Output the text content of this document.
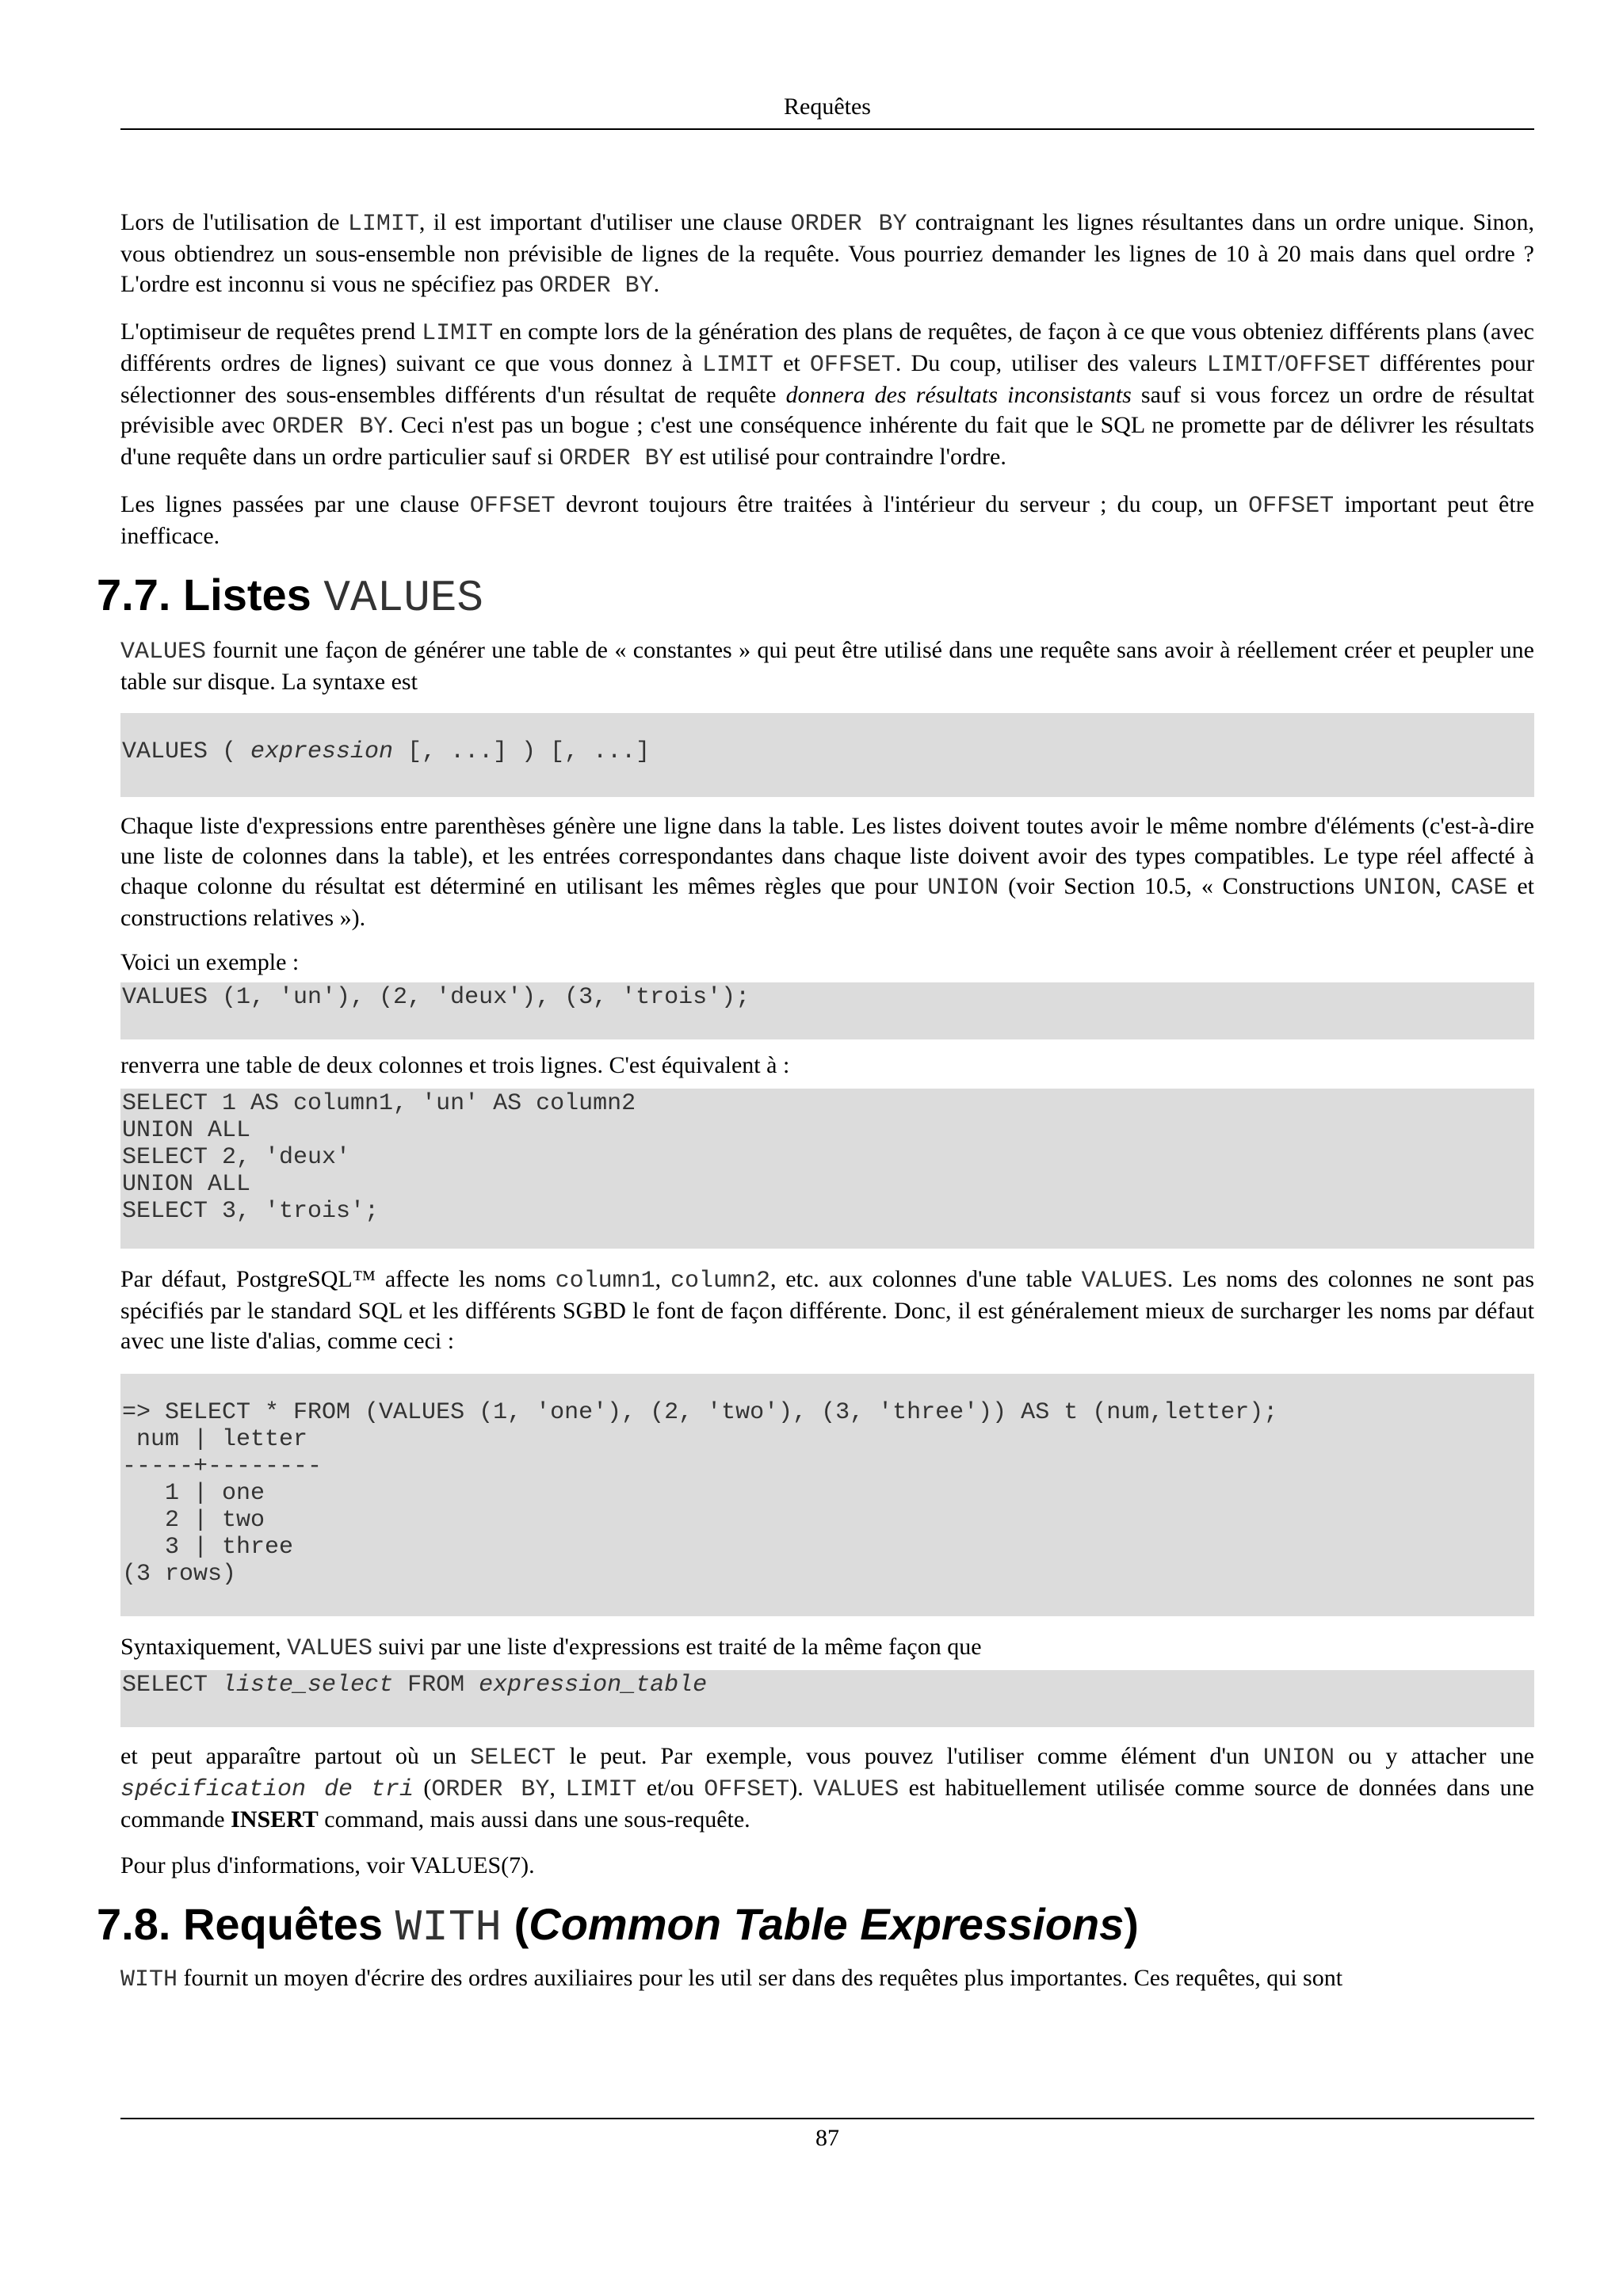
Requêtes

Lors de l'utilisation de LIMIT, il est important d'utiliser une clause ORDER BY contraignant les lignes résultantes dans un ordre unique. Sinon, vous obtiendrez un sous-ensemble non prévisible de lignes de la requête. Vous pourriez demander les lignes de 10 à 20 mais dans quel ordre ? L'ordre est inconnu si vous ne spécifiez pas ORDER BY.

L'optimiseur de requêtes prend LIMIT en compte lors de la génération des plans de requêtes, de façon à ce que vous obteniez différents plans (avec différents ordres de lignes) suivant ce que vous donnez à LIMIT et OFFSET. Du coup, utiliser des valeurs LIMIT/OFFSET différentes pour sélectionner des sous-ensembles différents d'un résultat de requête donnera des résultats inconsistants sauf si vous forcez un ordre de résultat prévisible avec ORDER BY. Ceci n'est pas un bogue ; c'est une conséquence inhérente du fait que le SQL ne promette par de délivrer les résultats d'une requête dans un ordre particulier sauf si ORDER BY est utilisé pour contraindre l'ordre.

Les lignes passées par une clause OFFSET devront toujours être traitées à l'intérieur du serveur ; du coup, un OFFSET important peut être inefficace.

7.7. Listes VALUES

VALUES fournit une façon de générer une table de « constantes » qui peut être utilisé dans une requête sans avoir à réellement créer et peupler une table sur disque. La syntaxe est

VALUES ( expression [, ...] ) [, ...]

Chaque liste d'expressions entre parenthèses génère une ligne dans la table. Les listes doivent toutes avoir le même nombre d'éléments (c'est-à-dire une liste de colonnes dans la table), et les entrées correspondantes dans chaque liste doivent avoir des types compatibles. Le type réel affecté à chaque colonne du résultat est déterminé en utilisant les mêmes règles que pour UNION (voir Section 10.5, « Constructions UNION, CASE et constructions relatives »).

Voici un exemple :

VALUES (1, 'un'), (2, 'deux'), (3, 'trois');

renverra une table de deux colonnes et trois lignes. C'est équivalent à :

SELECT 1 AS column1, 'un' AS column2
UNION ALL
SELECT 2, 'deux'
UNION ALL
SELECT 3, 'trois';

Par défaut, PostgreSQL™ affecte les noms column1, column2, etc. aux colonnes d'une table VALUES. Les noms des colonnes ne sont pas spécifiés par le standard SQL et les différents SGBD le font de façon différente. Donc, il est généralement mieux de surcharger les noms par défaut avec une liste d'alias, comme ceci :

=> SELECT * FROM (VALUES (1, 'one'), (2, 'two'), (3, 'three')) AS t (num,letter);
num | letter
-----+--------
1 | one
2 | two
3 | three
(3 rows)

Syntaxiquement, VALUES suivi par une liste d'expressions est traité de la même façon que

SELECT liste_select FROM expression_table

et peut apparaître partout où un SELECT le peut. Par exemple, vous pouvez l'utiliser comme élément d'un UNION ou y attacher une spécification de tri (ORDER BY, LIMIT et/ou OFFSET). VALUES est habituellement utilisée comme source de données dans une commande INSERT command, mais aussi dans une sous-requête.

Pour plus d'informations, voir VALUES(7).

7.8. Requêtes WITH (Common Table Expressions)

WITH fournit un moyen d'écrire des ordres auxiliaires pour les util ser dans des requêtes plus importantes. Ces requêtes, qui sont

87
